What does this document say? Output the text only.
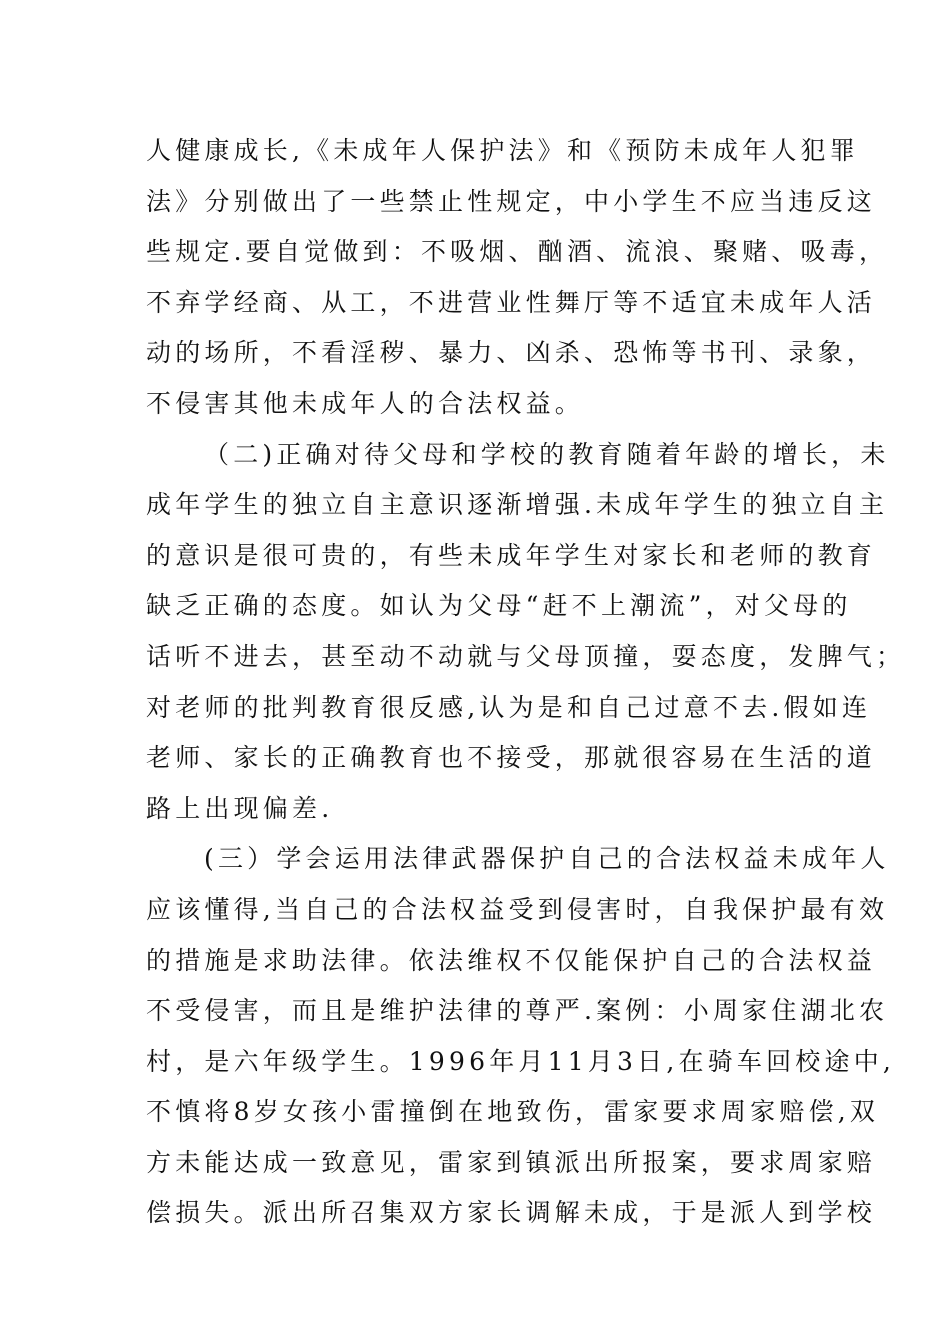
人健康成长,《未成年人保护法》和《预防未成年人犯罪
法》分别做出了一些禁止性规定，中小学生不应当违反这
些规定.要自觉做到：不吸烟、酗酒、流浪、聚赌、吸毒，
不弃学经商、从工，不进营业性舞厅等不适宜未成年人活
动的场所，不看淫秽、暴力、凶杀、恐怖等书刊、录象，
不侵害其他未成年人的合法权益。
（二)正确对待父母和学校的教育随着年龄的增长，未
成年学生的独立自主意识逐渐增强.未成年学生的独立自主
的意识是很可贵的，有些未成年学生对家长和老师的教育
缺乏正确的态度。如认为父母“赶不上潮流”，对父母的
话听不进去，甚至动不动就与父母顶撞，耍态度，发脾气；
对老师的批判教育很反感,认为是和自己过意不去.假如连
老师、家长的正确教育也不接受，那就很容易在生活的道
路上出现偏差.
(三）学会运用法律武器保护自己的合法权益未成年人
应该懂得,当自己的合法权益受到侵害时，自我保护最有效
的措施是求助法律。依法维权不仅能保护自己的合法权益
不受侵害，而且是维护法律的尊严.案例：小周家住湖北农
村，是六年级学生。1996年月11月3日,在骑车回校途中,
不慎将8岁女孩小雷撞倒在地致伤，雷家要求周家赔偿,双
方未能达成一致意见，雷家到镇派出所报案，要求周家赔
偿损失。派出所召集双方家长调解未成，于是派人到学校
